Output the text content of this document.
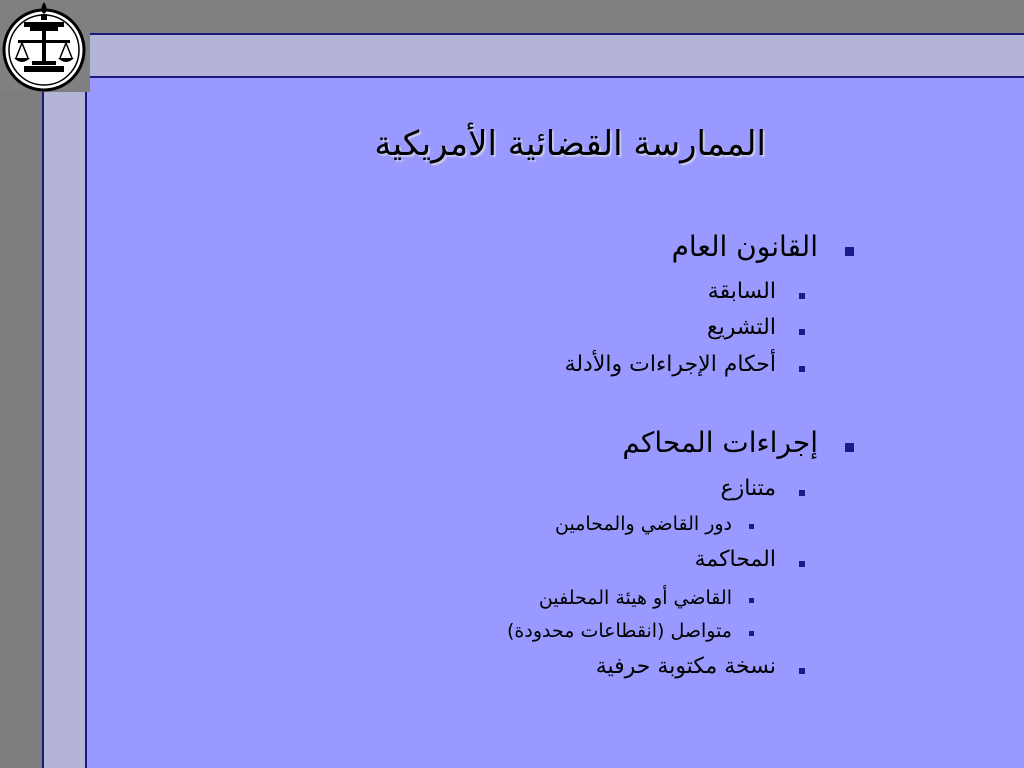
الممارسة القضائية الأمريكية
القانون العام
السابقة
التشريع
أحكام الإجراءات والأدلة
إجراءات المحاكم
متنازع
دور القاضي والمحامين
المحاكمة
القاضي أو هيئة المحلفين
متواصل (انقطاعات محدودة)
نسخة مكتوبة حرفية
